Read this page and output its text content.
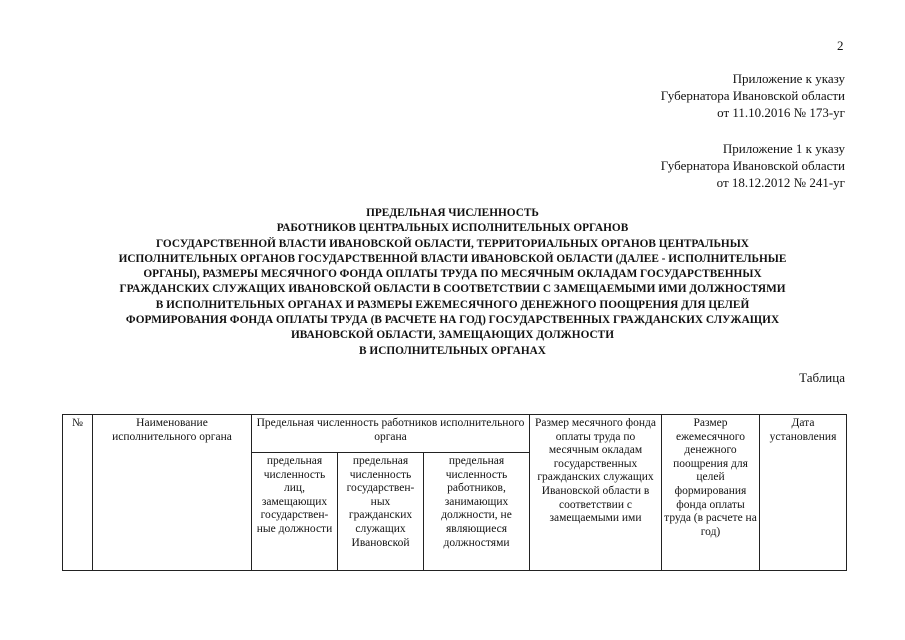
2
Приложение к указу
Губернатора Ивановской области
от 11.10.2016 № 173-уг
Приложение 1 к указу
Губернатора Ивановской области
от 18.12.2012 № 241-уг
ПРЕДЕЛЬНАЯ ЧИСЛЕННОСТЬ
РАБОТНИКОВ ЦЕНТРАЛЬНЫХ ИСПОЛНИТЕЛЬНЫХ ОРГАНОВ
ГОСУДАРСТВЕННОЙ ВЛАСТИ ИВАНОВСКОЙ ОБЛАСТИ, ТЕРРИТОРИАЛЬНЫХ ОРГАНОВ ЦЕНТРАЛЬНЫХ
ИСПОЛНИТЕЛЬНЫХ ОРГАНОВ ГОСУДАРСТВЕННОЙ ВЛАСТИ ИВАНОВСКОЙ ОБЛАСТИ (ДАЛЕЕ - ИСПОЛНИТЕЛЬНЫЕ
ОРГАНЫ), РАЗМЕРЫ МЕСЯЧНОГО ФОНДА ОПЛАТЫ ТРУДА ПО МЕСЯЧНЫМ ОКЛАДАМ ГОСУДАРСТВЕННЫХ
ГРАЖДАНСКИХ СЛУЖАЩИХ ИВАНОВСКОЙ ОБЛАСТИ В СООТВЕТСТВИИ С ЗАМЕЩАЕМЫМИ ИМИ ДОЛЖНОСТЯМИ
В ИСПОЛНИТЕЛЬНЫХ ОРГАНАХ И РАЗМЕРЫ ЕЖЕМЕСЯЧНОГО ДЕНЕЖНОГО ПООЩРЕНИЯ ДЛЯ ЦЕЛЕЙ
ФОРМИРОВАНИЯ ФОНДА ОПЛАТЫ ТРУДА (В РАСЧЕТЕ НА ГОД) ГОСУДАРСТВЕННЫХ ГРАЖДАНСКИХ СЛУЖАЩИХ
ИВАНОВСКОЙ ОБЛАСТИ, ЗАМЕЩАЮЩИХ ДОЛЖНОСТИ
В ИСПОЛНИТЕЛЬНЫХ ОРГАНАХ
Таблица
№	Наименование исполнительного органа	Предельная численность работников исполнительного органа			Размер месячного фонда оплаты труда по месячным окладам государственных гражданских служащих Ивановской области в соответствии с замещаемыми ими	Размер ежемесячного денежного поощрения для целей формирования фонда оплаты труда (в расчете на год)	Дата установления

		предельная численность лиц, замещающих государствен-ные должности	предельная численность государствен-ных гражданских служащих Ивановской	предельная численность работников, занимающих должности, не являющиеся должностями			
